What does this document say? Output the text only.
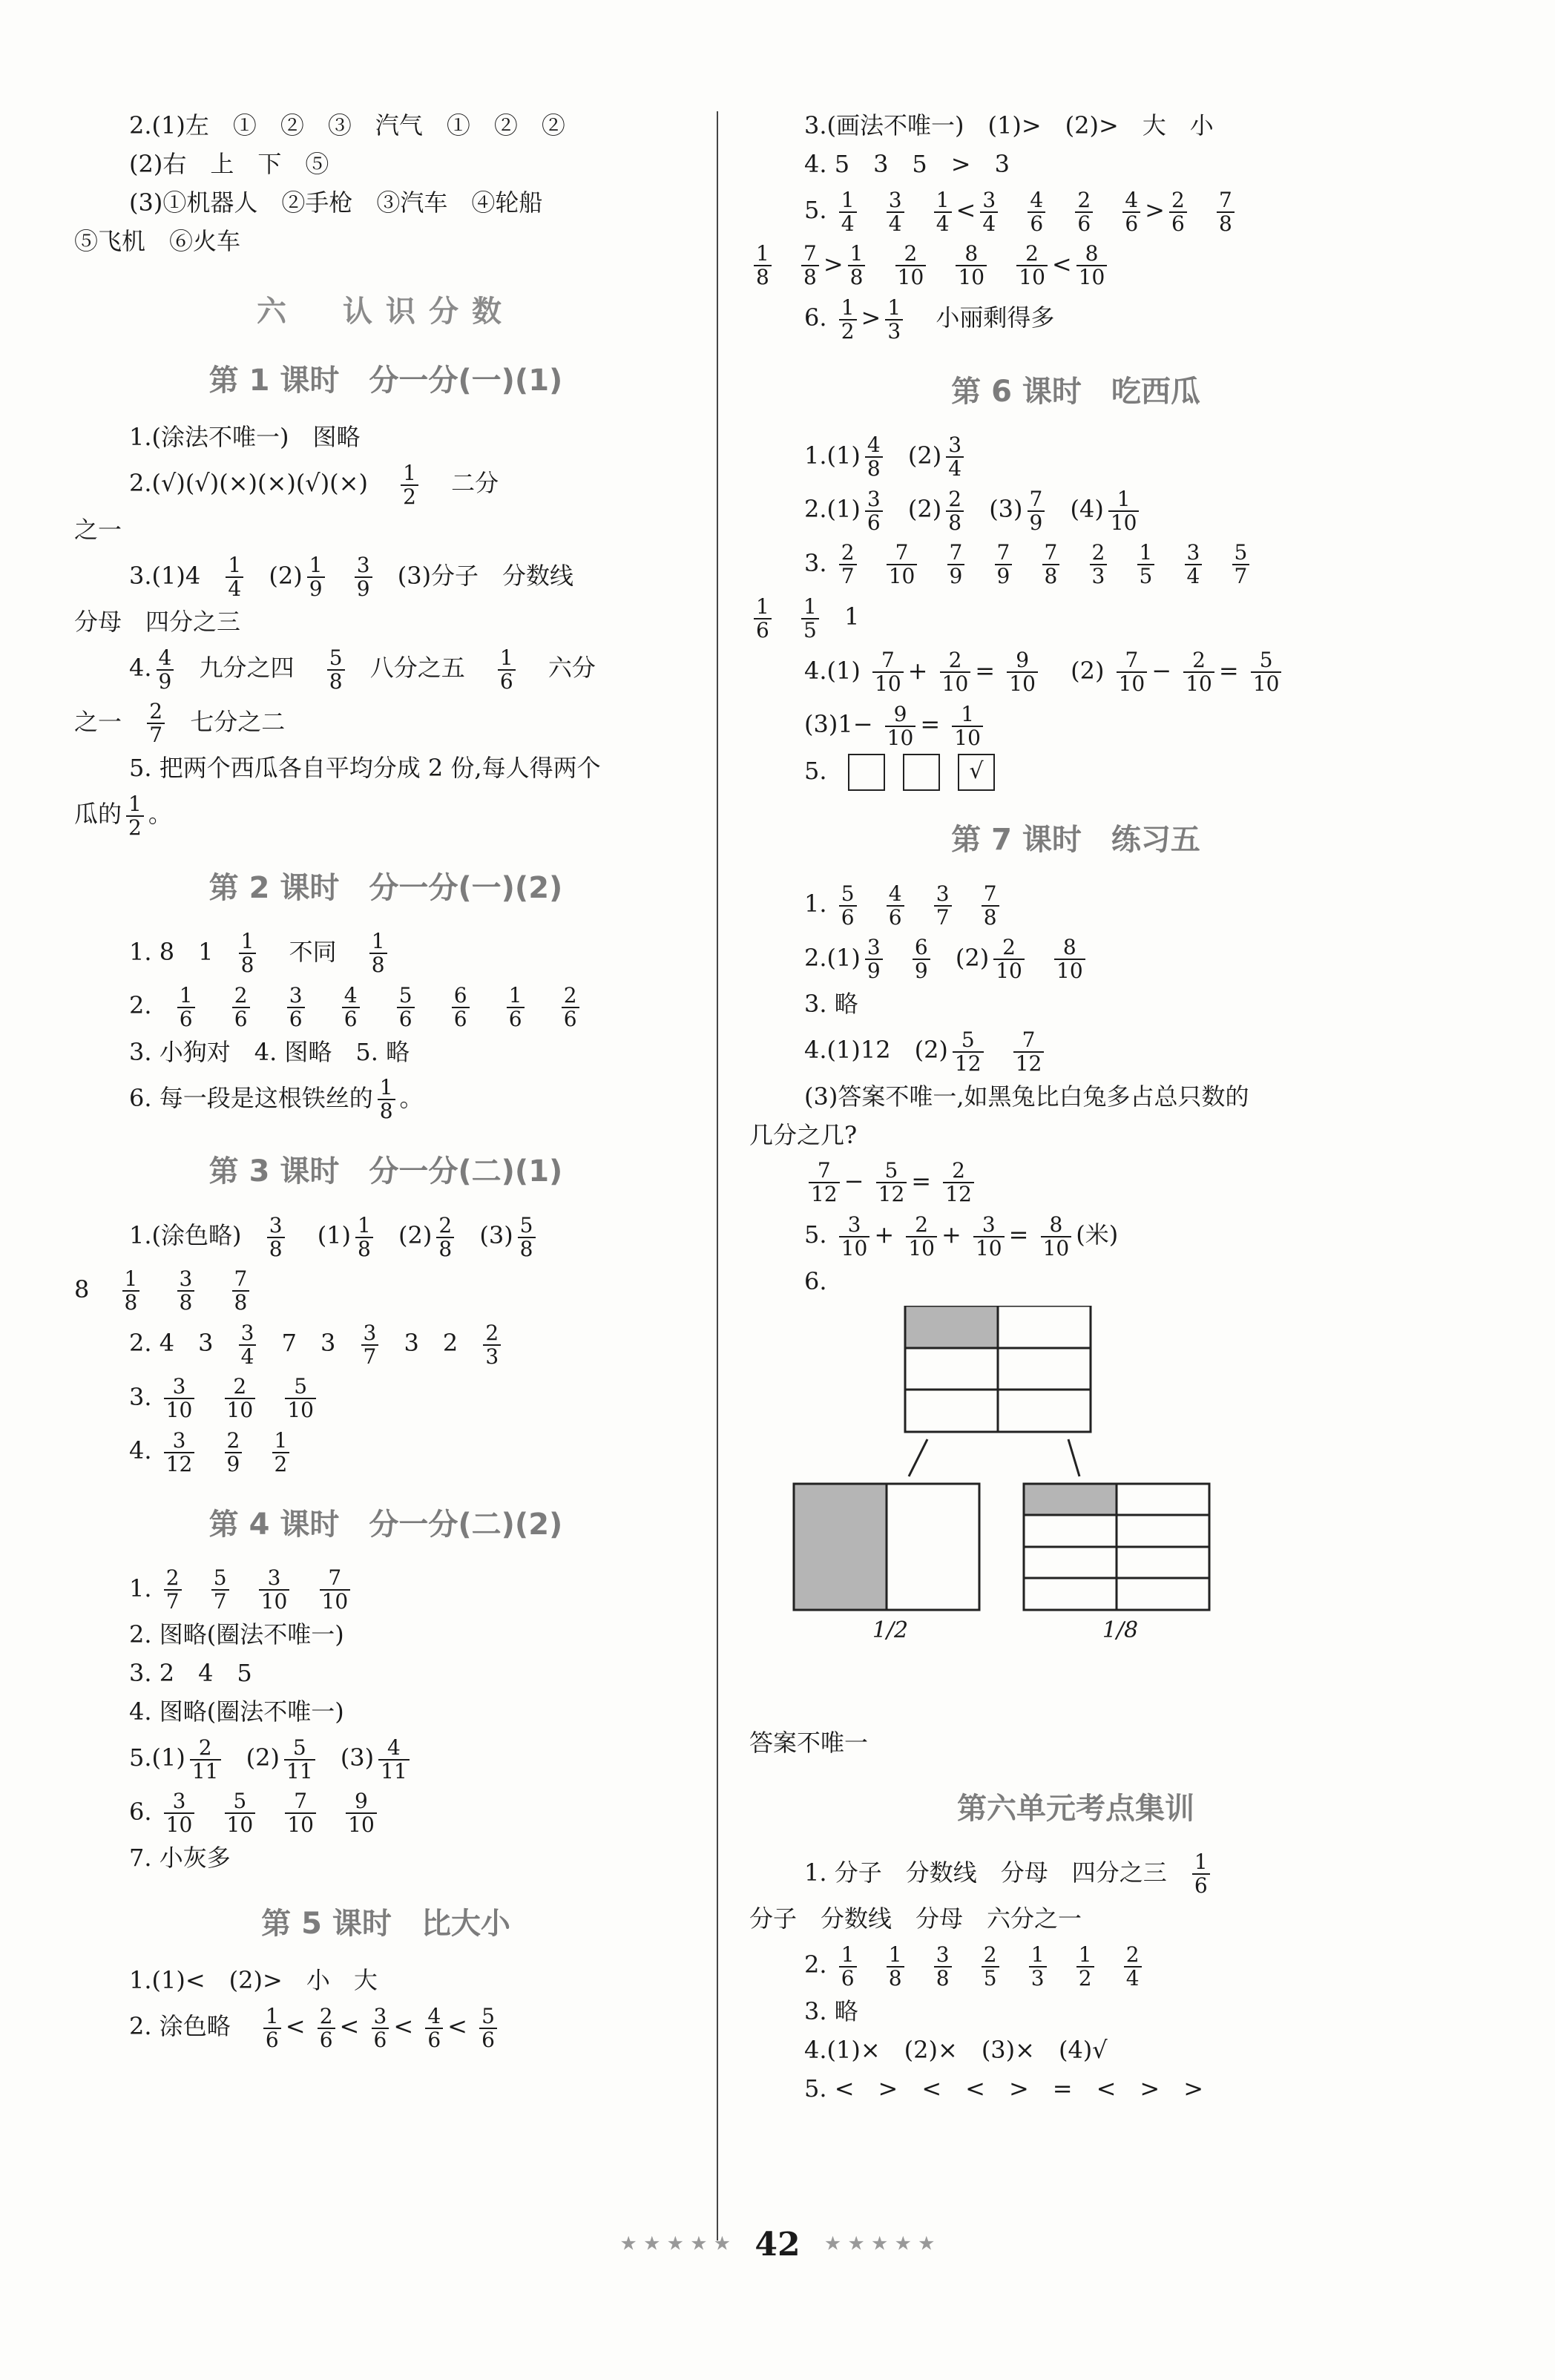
2.(1)左　①　②　③　汽气　①　②　②
(2)右　上　下　⑤
(3)①机器人　②手枪　③汽车　④轮船
⑤飞机　⑥火车
六　认识分数
第 1 课时　分一分(一)(1)
1.(涂法不唯一)　图略
$2.(√)(√)(\times)(\times)(√)(\times) \frac{1}{2}$ 二分
之一
$3.(1)4 \frac{1}{4} (2) \frac{1}{9}$
$\frac{3}{9} (3)$分子　分数线
分母　四分之三
4. $\frac{4}{9}$ 九分之四 $\frac{5}{8}$ 八分之五 $\frac{1}{6}$ 六分
之一 $\frac{2}{7}$ 七分之二
5. 把两个西瓜各自平均分成 2 份,每人得两个
瓜的 $\frac{1}{2}$ 。
第 2 课时　分一分(一)(2)
1. 8　$1 \frac{1}{8}$ 不同 $\frac{1}{8}$
2. $\frac{1}{6}$
$\frac{2}{6}$
$\frac{3}{6}$
$\frac{4}{6}$
$\frac{5}{6}$
$\frac{6}{6}$
$\frac{1}{6}$
$\frac{2}{6}$
3. 小狗对　4. 图略　5. 略
6. 每一段是这根铁丝的 $\frac{1}{8}$ 。
第 3 课时　分一分(二)(1)
1.(涂色略) $\frac{3}{8} (1) \frac{1}{8} (2) \frac{2}{8} (3) \frac{5}{8}$
$8 \frac{1}{8}$
$\frac{3}{8}$
$\frac{7}{8}$
2. 4　$3 \frac{3}{4} 7$　$3 \frac{3}{7} 3$　$2 \frac{2}{3}$
3. $\frac{3}{10}$
$\frac{2}{10}$
$\frac{5}{10}$
4. $\frac{3}{12}$
$\frac{2}{9}$
$\frac{1}{2}$
第 4 课时　分一分(二)(2)
1. $\frac{2}{7}$
$\frac{5}{7}$
$\frac{3}{10}$
$\frac{7}{10}$
2. 图略(圈法不唯一)
3. 2　4　5
4. 图略(圈法不唯一)
$5.(1) \frac{2}{11} (2) \frac{5}{11} (3) \frac{4}{11}$
6. $\frac{3}{10}$
$\frac{5}{10}$
$\frac{7}{10}$
$\frac{9}{10}$
7. 小灰多
第 5 课时　比大小
1.(1)<　(2)>　小　大
2. 涂色略 $\frac{1}{6} < \frac{2}{6} < \frac{3}{6} < \frac{4}{6} < \frac{5}{6}$
3.(画法不唯一)　(1)>　(2)>　大　小
4. 5　3　5　>　3
5. $\frac{1}{4}$
$\frac{3}{4}$
$\frac{1}{4} < \frac{3}{4}$
$\frac{4}{6}$
$\frac{2}{6}$
$\frac{4}{6} > \frac{2}{6}$
$\frac{7}{8}$
$\frac{1}{8}$
$\frac{7}{8} > \frac{1}{8}$
$\frac{2}{10}$
$\frac{8}{10}$
$\frac{2}{10} < \frac{8}{10}$
6. $\frac{1}{2} > \frac{1}{3}$ 小丽剩得多
第 6 课时　吃西瓜
$1.(1) \frac{4}{8} (2) \frac{3}{4}$
$2.(1) \frac{3}{6} (2) \frac{2}{8} (3) \frac{7}{9} (4) \frac{1}{10}$
3. $\frac{2}{7}$
$\frac{7}{10}$
$\frac{7}{9}$
$\frac{7}{9}$
$\frac{7}{8}$
$\frac{2}{3}$
$\frac{1}{5}$
$\frac{3}{4}$
$\frac{5}{7}$
$\frac{1}{6}$
$\frac{1}{5} 1$
$4.(1) \frac{7}{10} + \frac{2}{10} = \frac{9}{10} (2) \frac{7}{10} - \frac{2}{10} = \frac{5}{10}$
$(3)1- \frac{9}{10} = \frac{1}{10}$
5.	√
第 7 课时　练习五
1. $\frac{5}{6}$
$\frac{4}{6}$
$\frac{3}{7}$
$\frac{7}{8}$
$2.(1) \frac{3}{9}$
$\frac{6}{9} (2) \frac{2}{10}$
$\frac{8}{10}$
3. 略
4.(1)12　$(2) \frac{5}{12}$
$\frac{7}{12}$
(3)答案不唯一,如黑兔比白兔多占总只数的
几分之几?
$\frac{7}{12} - \frac{5}{12} = \frac{2}{12}$
5. $\frac{3}{10} + \frac{2}{10} + \frac{3}{10} = \frac{8}{10}$ (米)
6.
1/2	1/8
答案不唯一
第六单元考点集训
1. 分子　分数线　分母　四分之三 $\frac{1}{6}$
分子　分数线　分母　六分之一
2. $\frac{1}{6}$
$\frac{1}{8}$
$\frac{3}{8}$
$\frac{2}{5}$
$\frac{1}{3}$
$\frac{1}{2}$
$\frac{2}{4}$
3. 略
4.(1)×　(2)×　(3)×　(4)√
5. <　>　<　<　>　=　<　>　>
★ ★ ★ ★ ★ 42 ★ ★ ★ ★ ★
